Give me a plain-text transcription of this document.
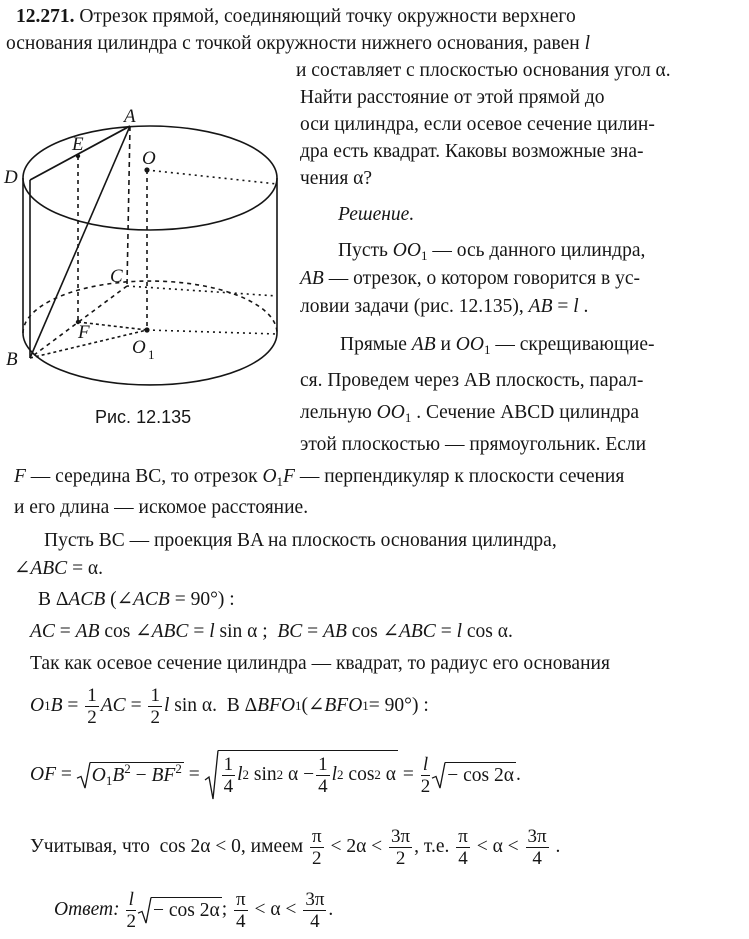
12.271. Отрезок прямой, соединяющий точку окружности верхнего
основания цилиндра с точкой окружности нижнего основания, равен l
и составляет с плоскостью основания угол α.
Найти расстояние от этой прямой до
оси цилиндра, если осевое сечение цилин-
дра есть квадрат. Каковы возможные зна-
чения α?
Решение.
Пусть $OO_1$ — ось данного цилиндра,
AB — отрезок, о котором говорится в ус-
ловии задачи (рис. 12.135), AB = l .
Прямые AB и $OO_1$ — скрещивающие-
ся. Проведем через AB плоскость, парал-
лельную $OO_1$ . Сечение ABCD цилиндра
этой плоскостью — прямоугольник. Если
F — середина BC, то отрезок $O_1F$ — перпендикуляр к плоскости сечения
и его длина — искомое расстояние.
Пусть BC — проекция BA на плоскость основания цилиндра,
∠ABC = α.
В ΔACB (∠ACB = 90°) :
AC = AB cos ∠ABC = l sin α ;  BC = AB cos ∠ABC = l cos α.
Так как осевое сечение цилиндра — квадрат, то радиус его основания
O 1 $B = \frac{1}{2}$ AC = $\frac{1}{2}$ l sin α.  В Δ BFO 1 (∠ BFO 1 = 90°) :
OF = $O_1B^2 - BF^2 = \frac{1}{4}$ l 2 sin 2 $\alpha - \frac{1}{4}$ l 2 cos 2 $\alpha = \frac{l}{2} - \cos 2\alpha$ .
Учитывая, что cos 2α < 0, имеем
$\frac{\pi}{2} < 2\alpha < \frac{3\pi}{2}$ , т.е.
$\frac{\pi}{4} < \alpha < \frac{3\pi}{4}$ .
Ответ:
$\frac{l}{2} - \cos 2\alpha$ ; $\frac{\pi}{4} < \alpha < \frac{3\pi}{4}$ .
A
E
O
D
C
F
O 1
B
Рис. 12.135
